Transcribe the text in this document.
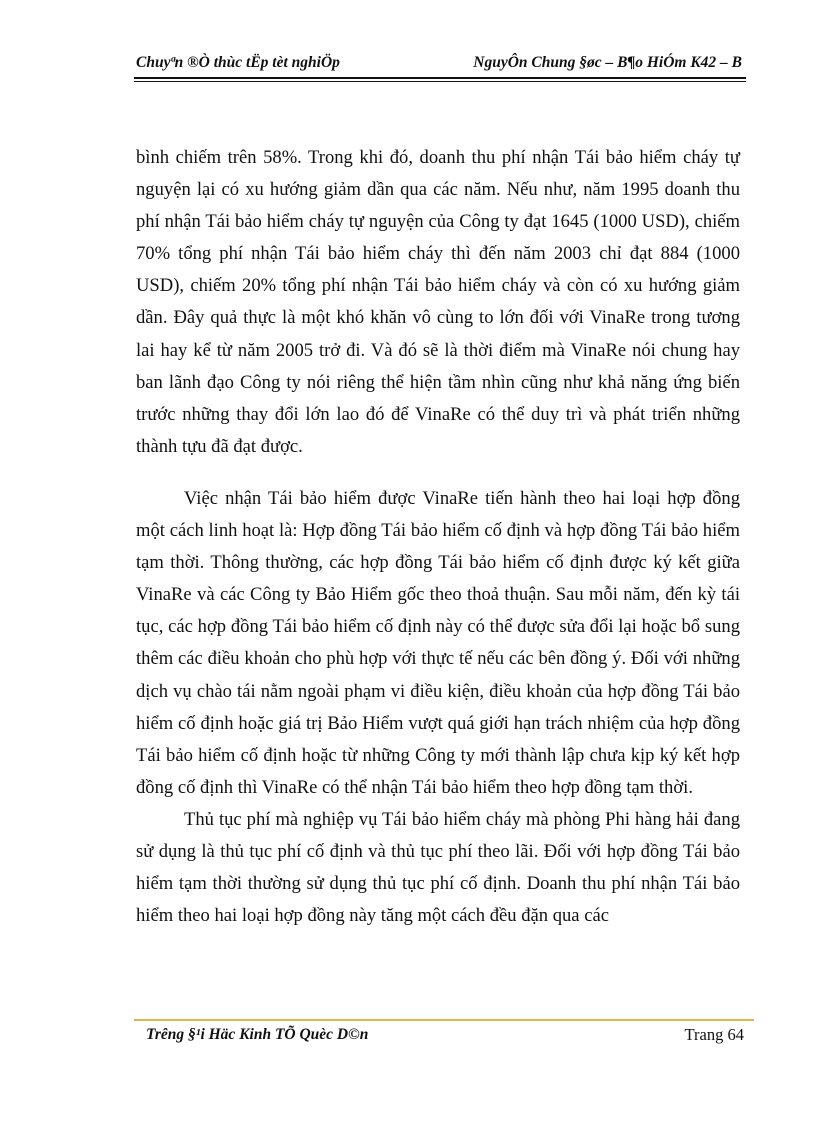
Chuyªn ®Ò thùc tËp tèt nghiÖp	NguyÔn Chung §øc – B¶o HiÓm K42 – B

bình chiếm trên 58%. Trong khi đó, doanh thu phí nhận Tái bảo hiểm cháy tự nguyện lại có xu hướng giảm dần qua các năm. Nếu như, năm 1995 doanh thu phí nhận Tái bảo hiểm cháy tự nguyện của Công ty đạt 1645 (1000 USD), chiếm 70% tổng phí nhận Tái bảo hiểm cháy thì đến năm 2003 chỉ đạt 884 (1000 USD), chiếm 20% tổng phí nhận Tái bảo hiểm cháy và còn có xu hướng giảm dần. Đây quả thực là một khó khăn vô cùng to lớn đối với VinaRe trong tương lai hay kể từ năm 2005 trở đi. Và đó sẽ là thời điểm mà VinaRe nói chung hay ban lãnh đạo Công ty nói riêng thể hiện tầm nhìn cũng như khả năng ứng biến trước những thay đổi lớn lao đó để VinaRe có thể duy trì và phát triển những thành tựu đã đạt được.

Việc nhận Tái bảo hiểm được VinaRe tiến hành theo hai loại hợp đồng một cách linh hoạt là: Hợp đồng Tái bảo hiểm cố định và hợp đồng Tái bảo hiểm tạm thời. Thông thường, các hợp đồng Tái bảo hiểm cố định được ký kết giữa VinaRe và các Công ty Bảo Hiểm gốc theo thoả thuận. Sau mỗi năm, đến kỳ tái tục, các hợp đồng Tái bảo hiểm cố định này có thể được sửa đổi lại hoặc bổ sung thêm các điều khoản cho phù hợp với thực tế nếu các bên đồng ý. Đối với những dịch vụ chào tái nằm ngoài phạm vi điều kiện, điều khoản của hợp đồng Tái bảo hiểm cố định hoặc giá trị Bảo Hiểm vượt quá giới hạn trách nhiệm của hợp đồng Tái bảo hiểm cố định hoặc từ những Công ty mới thành lập chưa kịp ký kết hợp đồng cố định thì VinaRe có thể nhận Tái bảo hiểm theo hợp đồng tạm thời.

Thủ tục phí mà nghiệp vụ Tái bảo hiểm cháy mà phòng Phi hàng hải đang sử dụng là thủ tục phí cố định và thủ tục phí theo lãi. Đối với hợp đồng Tái bảo hiểm tạm thời thường sử dụng thủ tục phí cố định. Doanh thu phí nhận Tái bảo hiểm theo hai loại hợp đồng này tăng một cách đều đặn qua các

Trêng §¹i Häc Kinh TÕ Quèc D©n	Trang 64
